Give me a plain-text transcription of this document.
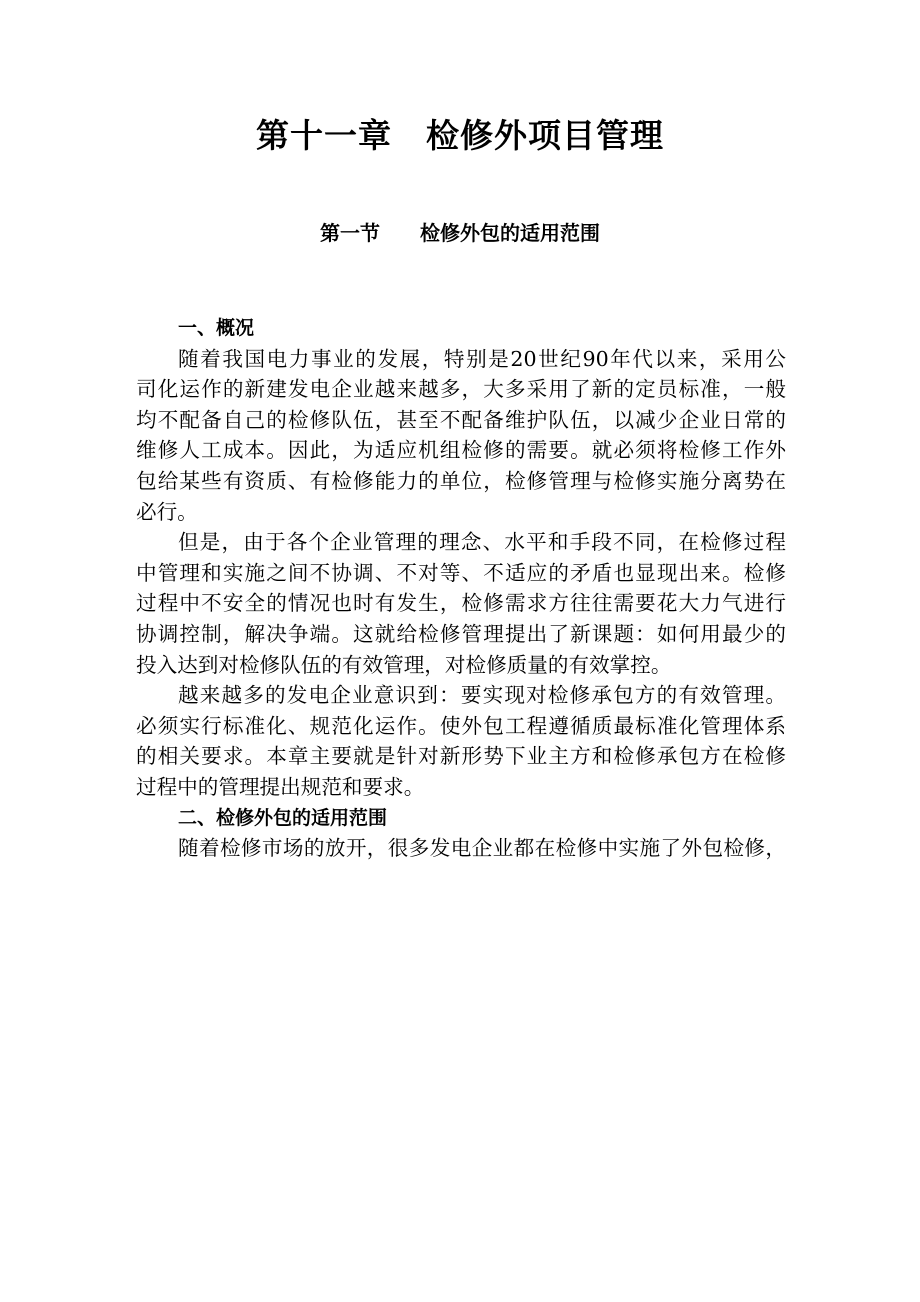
第十一章　检修外项目管理
第一节　　检修外包的适用范围

一、概况

随着我国电力事业的发展，特别是20世纪90年代以来，采用公
司化运作的新建发电企业越来越多，大多采用了新的定员标准，一般
均不配备自己的检修队伍，甚至不配备维护队伍，以减少企业日常的
维修人工成本。因此，为适应机组检修的需要。就必须将检修工作外
包给某些有资质、有检修能力的单位，检修管理与检修实施分离势在
必行。
但是，由于各个企业管理的理念、水平和手段不同，在检修过程
中管理和实施之间不协调、不对等、不适应的矛盾也显现出来。检修
过程中不安全的情况也时有发生，检修需求方往往需要花大力气进行
协调控制，解决争端。这就给检修管理提出了新课题：如何用最少的
投入达到对检修队伍的有效管理，对检修质量的有效掌控。
越来越多的发电企业意识到：要实现对检修承包方的有效管理。
必须实行标准化、规范化运作。使外包工程遵循质最标准化管理体系
的相关要求。本章主要就是针对新形势下业主方和检修承包方在检修
过程中的管理提出规范和要求。

二、检修外包的适用范围

随着检修市场的放开，很多发电企业都在检修中实施了外包检修，
